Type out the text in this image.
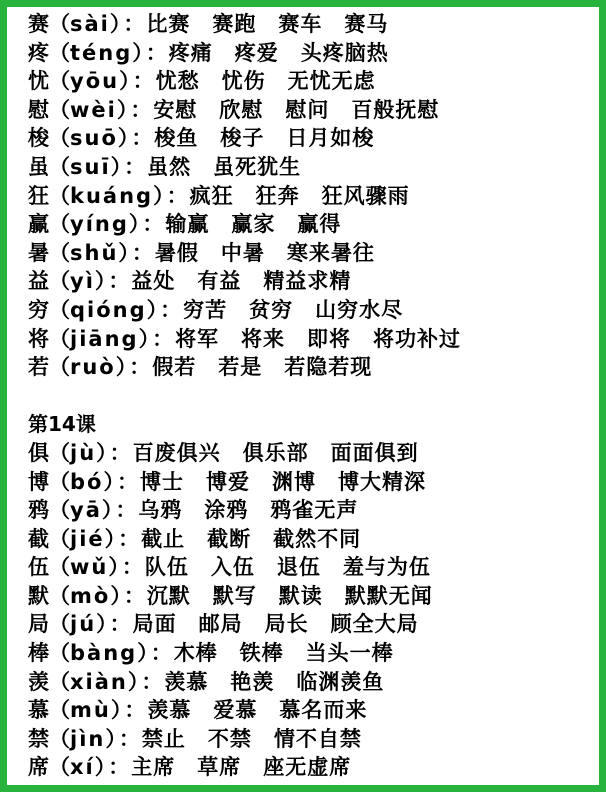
赛（sài） ：比赛　赛跑　赛车　赛马
疼（téng） ：疼痛　疼爱　头疼脑热
忧（yōu） ：忧愁　忧伤　无忧无虑
慰（wèi） ：安慰　欣慰　慰问　百般抚慰
梭（suō） ：梭鱼　梭子　日月如梭
虽（suī） ：虽然　虽死犹生
狂（kuáng） ：疯狂　狂奔　狂风骤雨
赢（yíng） ：输赢　赢家　赢得
暑（shǔ） ：暑假　中暑　寒来暑往
益（yì） ：益处　有益　精益求精
穷（qióng） ：穷苦　贫穷　山穷水尽
将（jiāng） ：将军　将来　即将　将功补过
若（ruò） ：假若　若是　若隐若现
第14课
俱（jù） ：百废俱兴　俱乐部　面面俱到
博（bó） ：博士　博爱　渊博　博大精深
鸦（yā） ：乌鸦　涂鸦　鸦雀无声
截（jié） ：截止　截断　截然不同
伍（wǔ） ：队伍　入伍　退伍　羞与为伍
默（mò） ：沉默　默写　默读　默默无闻
局（jú） ：局面　邮局　局长　顾全大局
棒（bàng） ：木棒　铁棒　当头一棒
羡（xiàn） ：羡慕　艳羡　临渊羡鱼
慕（mù） ：羡慕　爱慕　慕名而来
禁（jìn） ：禁止　不禁　情不自禁
席（xí） ：主席　草席　座无虚席
